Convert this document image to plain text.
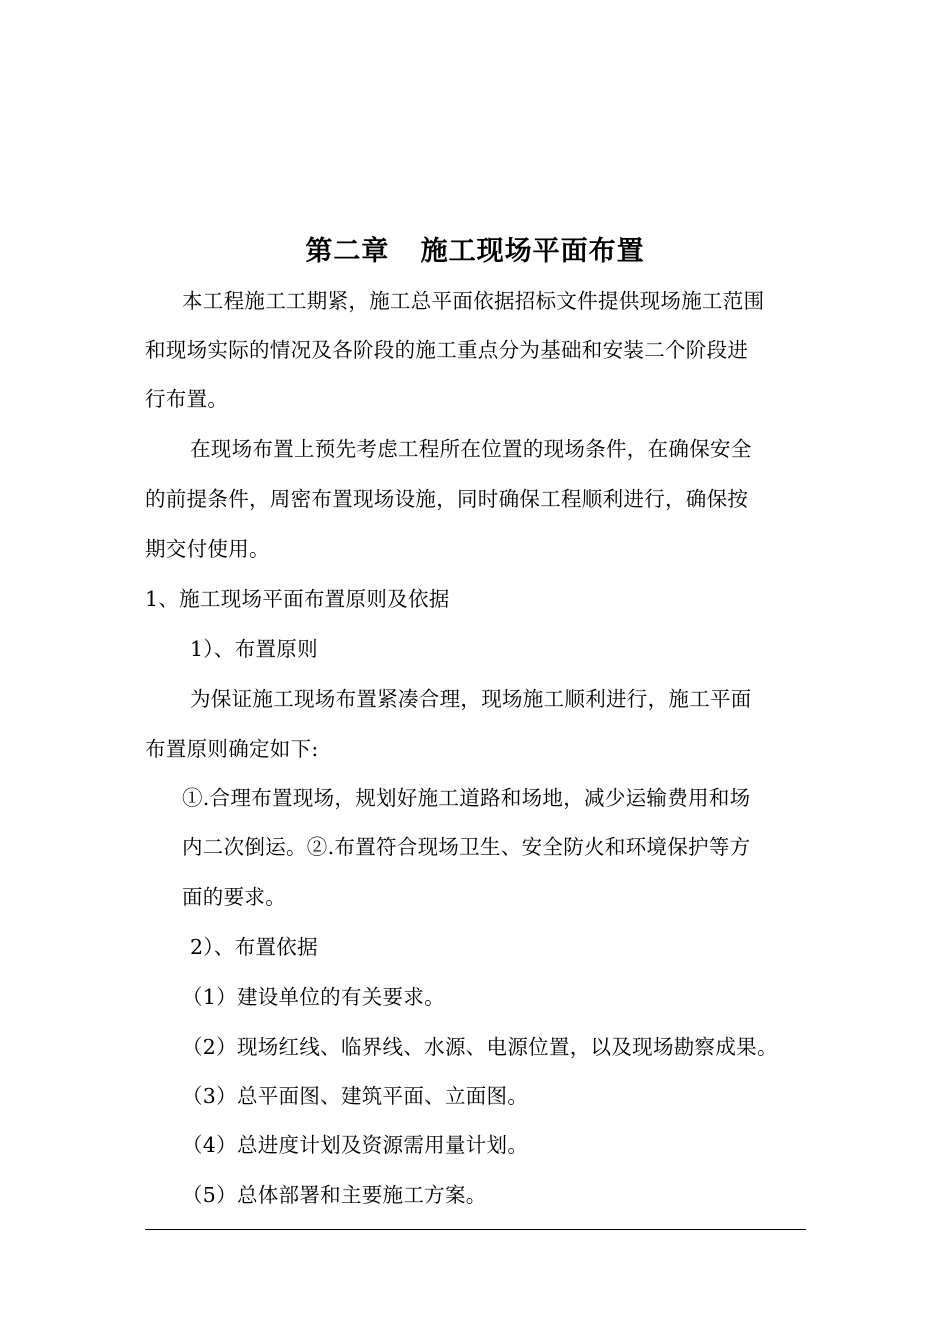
第二章   施工现场平面布置
本工程施工工期紧，施工总平面依据招标文件提供现场施工范围
和现场实际的情况及各阶段的施工重点分为基础和安装二个阶段进
行布置。
在现场布置上预先考虑工程所在位置的现场条件，在确保安全
的前提条件，周密布置现场设施，同时确保工程顺利进行，确保按
期交付使用。
1、施工现场平面布置原则及依据
1）、布置原则
为保证施工现场布置紧凑合理，现场施工顺利进行，施工平面
布置原则确定如下:
①.合理布置现场，规划好施工道路和场地，减少运输费用和场
内二次倒运。②.布置符合现场卫生、安全防火和环境保护等方
面的要求。
2）、布置依据
（1）建设单位的有关要求。
（2）现场红线、临界线、水源、电源位置，以及现场勘察成果。
（3）总平面图、建筑平面、立面图。
（4）总进度计划及资源需用量计划。
（5）总体部署和主要施工方案。
